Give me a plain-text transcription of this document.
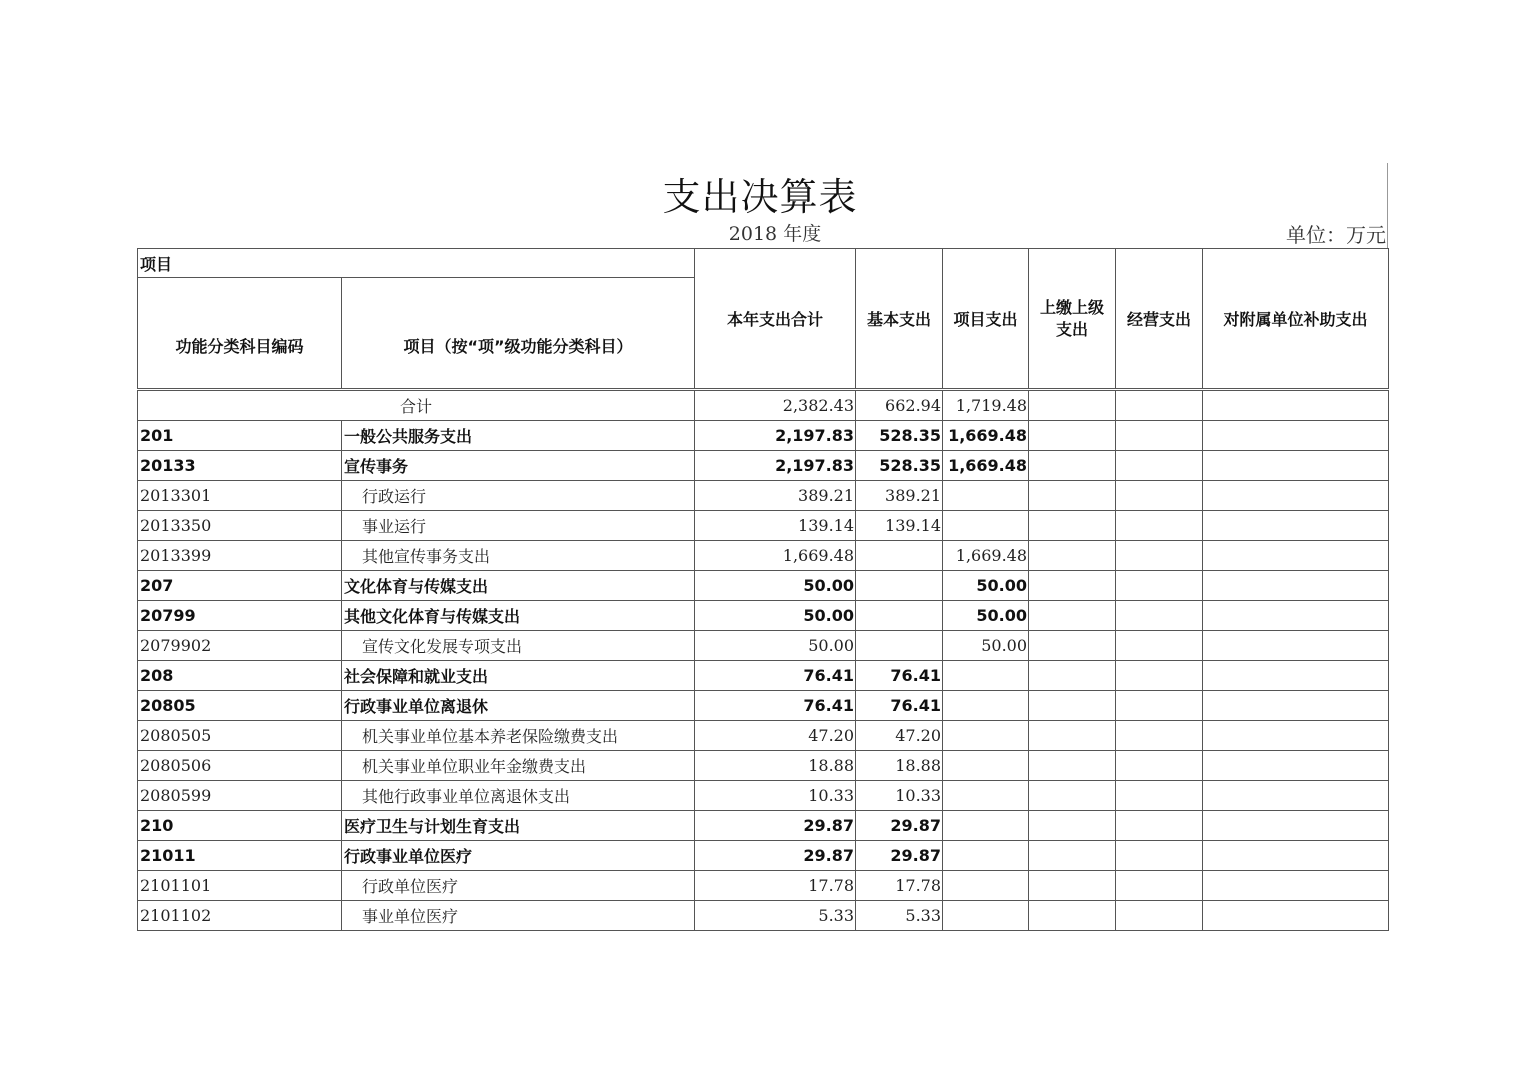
支出决算表
2018 年度	单位：万元
项目		本年支出合计	基本支出	项目支出	上缴上级支出	经营支出	对附属单位补助支出
功能分类科目编码	项目（按“项”级功能分类科目）						

合计		2,382.43	662.94	1,719.48			
201	一般公共服务支出	2,197.83	528.35	1,669.48			
20133	宣传事务	2,197.83	528.35	1,669.48			
2013301	行政运行	389.21	389.21				
2013350	事业运行	139.14	139.14				
2013399	其他宣传事务支出	1,669.48		1,669.48			
207	文化体育与传媒支出	50.00		50.00			
20799	其他文化体育与传媒支出	50.00		50.00			
2079902	宣传文化发展专项支出	50.00		50.00			
208	社会保障和就业支出	76.41	76.41				
20805	行政事业单位离退休	76.41	76.41				
2080505	机关事业单位基本养老保险缴费支出	47.20	47.20				
2080506	机关事业单位职业年金缴费支出	18.88	18.88				
2080599	其他行政事业单位离退休支出	10.33	10.33				
210	医疗卫生与计划生育支出	29.87	29.87				
21011	行政事业单位医疗	29.87	29.87				
2101101	行政单位医疗	17.78	17.78				
2101102	事业单位医疗	5.33	5.33				
